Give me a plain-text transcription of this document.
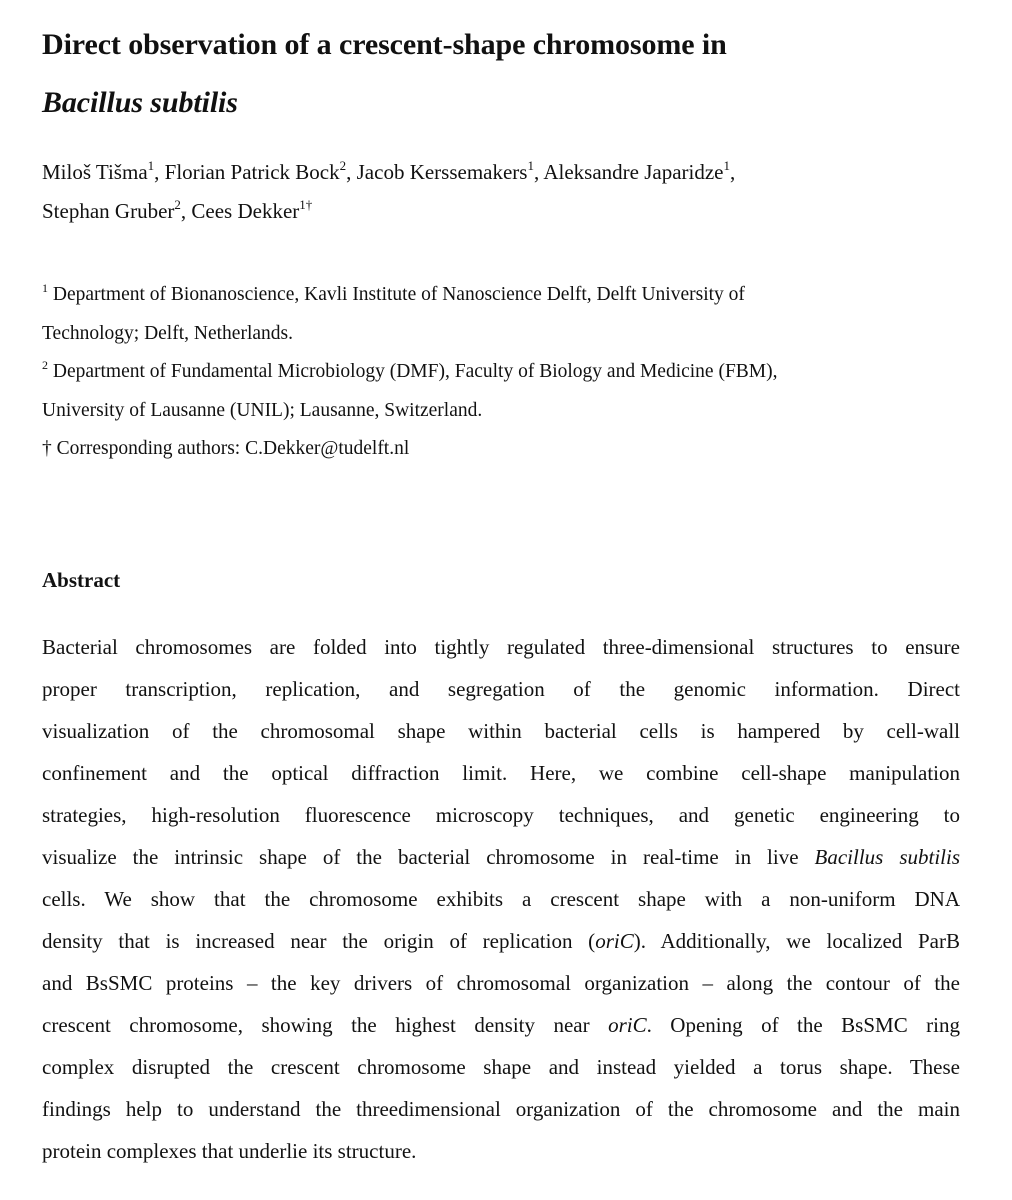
Direct observation of a crescent-shape chromosome in
Bacillus subtilis
Miloš Tišma$^1$, Florian Patrick Bock$^2$, Jacob Kerssemakers$^1$, Aleksandre Japaridze$^1$,
Stephan Gruber$^2$, Cees Dekker$^{1\dagger}$
$^1$ Department of Bionanoscience, Kavli Institute of Nanoscience Delft, Delft University of
Technology; Delft, Netherlands.
$^2$ Department of Fundamental Microbiology (DMF), Faculty of Biology and Medicine (FBM),
University of Lausanne (UNIL); Lausanne, Switzerland.
† Corresponding authors: C.Dekker@tudelft.nl
Abstract
Bacterial chromosomes are folded into tightly regulated three-dimensional structures to ensure
proper transcription, replication, and segregation of the genomic information. Direct
visualization of the chromosomal shape within bacterial cells is hampered by cell-wall
confinement and the optical diffraction limit. Here, we combine cell-shape manipulation
strategies, high-resolution fluorescence microscopy techniques, and genetic engineering to
visualize the intrinsic shape of the bacterial chromosome in real-time in live Bacillus subtilis
cells. We show that the chromosome exhibits a crescent shape with a non-uniform DNA
density that is increased near the origin of replication (oriC). Additionally, we localized ParB
and BsSMC proteins – the key drivers of chromosomal organization – along the contour of the
crescent chromosome, showing the highest density near oriC. Opening of the BsSMC ring
complex disrupted the crescent chromosome shape and instead yielded a torus shape. These
findings help to understand the threedimensional organization of the chromosome and the main
protein complexes that underlie its structure.
